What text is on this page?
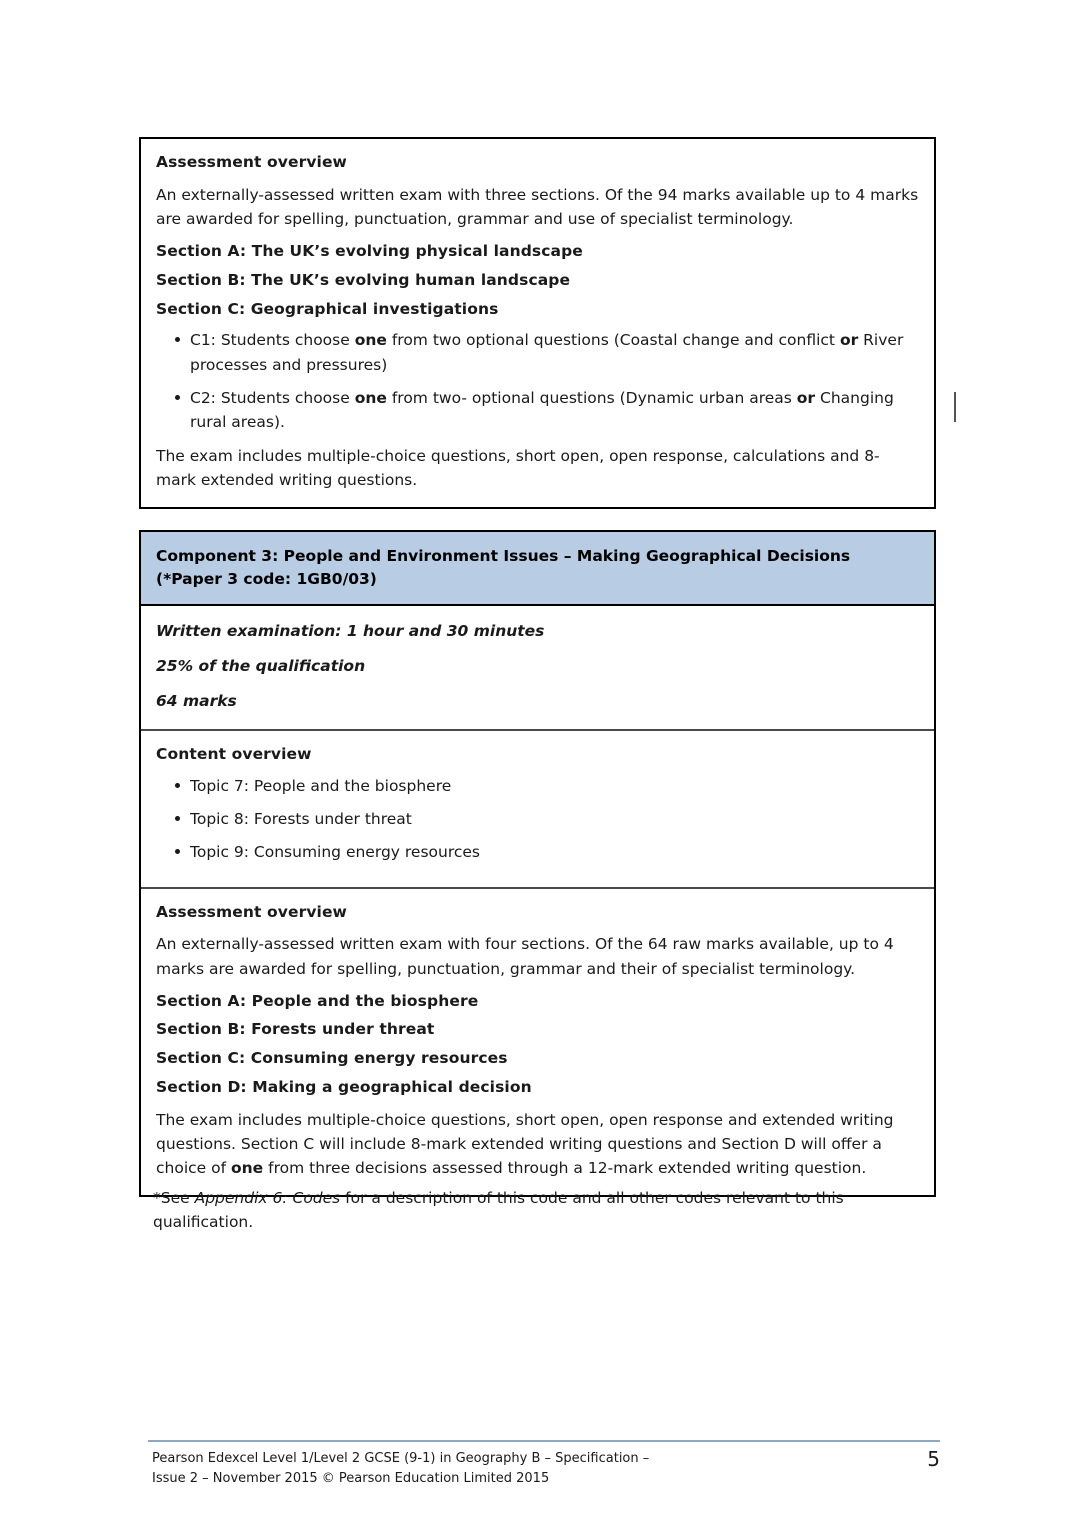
Assessment overview
An externally-assessed written exam with three sections. Of the 94 marks available up to 4 marks are awarded for spelling, punctuation, grammar and use of specialist terminology.
Section A: The UK’s evolving physical landscape
Section B: The UK’s evolving human landscape
Section C: Geographical investigations
C1: Students choose one from two optional questions (Coastal change and conflict or River processes and pressures)
C2: Students choose one from two- optional questions (Dynamic urban areas or Changing rural areas).
The exam includes multiple-choice questions, short open, open response, calculations and 8-mark extended writing questions.
Component 3: People and Environment Issues – Making Geographical Decisions
(*Paper 3 code: 1GB0/03)
Written examination: 1 hour and 30 minutes
25% of the qualification
64 marks
Content overview
Topic 7: People and the biosphere
Topic 8: Forests under threat
Topic 9: Consuming energy resources
Assessment overview
An externally-assessed written exam with four sections. Of the 64 raw marks available, up to 4 marks are awarded for spelling, punctuation, grammar and their of specialist terminology.
Section A: People and the biosphere
Section B: Forests under threat
Section C: Consuming energy resources
Section D: Making a geographical decision
The exam includes multiple-choice questions, short open, open response and extended writing questions. Section C will include 8-mark extended writing questions and Section D will offer a choice of one from three decisions assessed through a 12-mark extended writing question.
*See Appendix 6: Codes for a description of this code and all other codes relevant to this qualification.
Pearson Edexcel Level 1/Level 2 GCSE (9-1) in Geography B – Specification –
Issue 2 – November 2015 © Pearson Education Limited 2015
5
